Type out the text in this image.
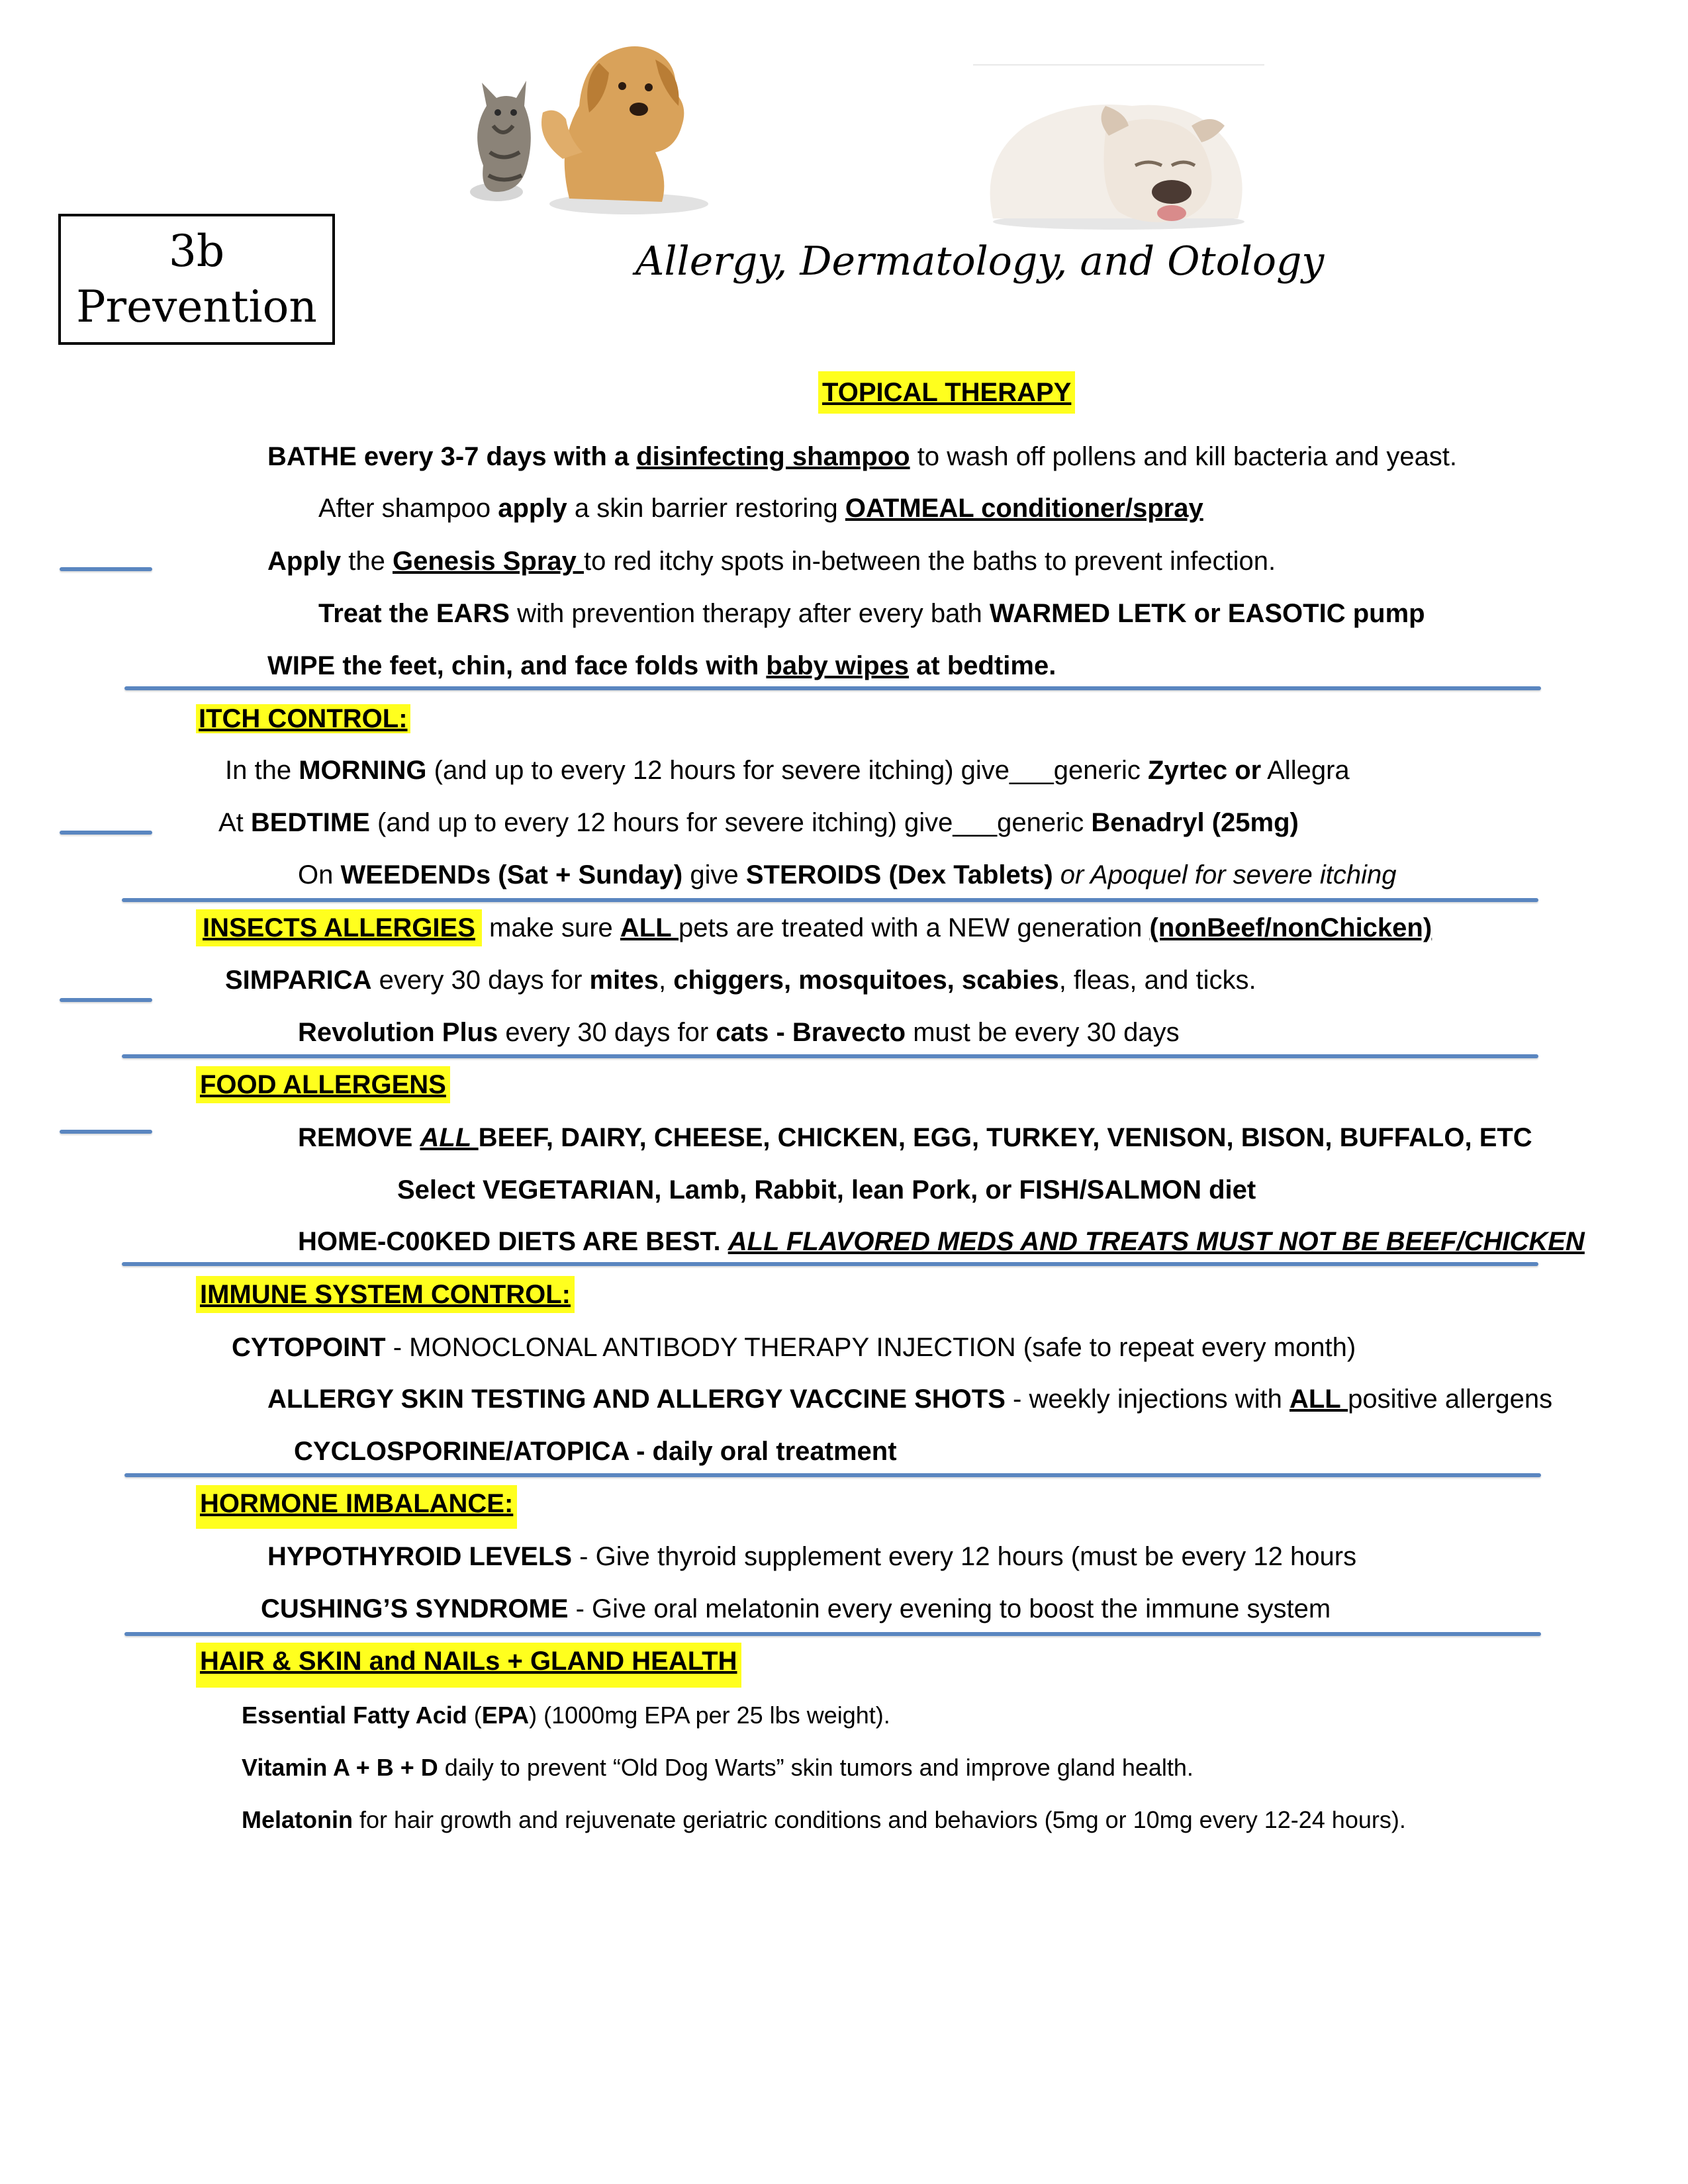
3b
Prevention
Allergy, Dermatology, and Otology
TOPICAL THERAPY
BATHE every 3-7 days with a disinfecting shampoo to wash off pollens and kill bacteria and yeast.
After shampoo apply a skin barrier restoring OATMEAL conditioner/spray
Apply the Genesis Spray to red itchy spots in-between the baths to prevent infection.
Treat the EARS with prevention therapy after every bath WARMED LETK or EASOTIC pump
WIPE the feet, chin, and face folds with baby wipes at bedtime.
ITCH CONTROL:
In the MORNING (and up to every 12 hours for severe itching) give___generic Zyrtec or Allegra
At BEDTIME (and up to every 12 hours for severe itching) give___generic Benadryl (25mg)
On WEEDENDs (Sat + Sunday) give STEROIDS (Dex Tablets) or Apoquel for severe itching
INSECTS ALLERGIES make sure ALL pets are treated with a NEW generation (nonBeef/nonChicken)
SIMPARICA every 30 days for mites, chiggers, mosquitoes, scabies, fleas, and ticks.
Revolution Plus every 30 days for cats - Bravecto must be every 30 days
FOOD ALLERGENS
REMOVE ALL BEEF, DAIRY, CHEESE, CHICKEN, EGG, TURKEY, VENISON, BISON, BUFFALO, ETC
Select VEGETARIAN, Lamb, Rabbit, lean Pork, or FISH/SALMON diet
HOME-C00KED DIETS ARE BEST. ALL FLAVORED MEDS AND TREATS MUST NOT BE BEEF/CHICKEN
IMMUNE SYSTEM CONTROL:
CYTOPOINT - MONOCLONAL ANTIBODY THERAPY INJECTION (safe to repeat every month)
ALLERGY SKIN TESTING AND ALLERGY VACCINE SHOTS - weekly injections with ALL positive allergens
CYCLOSPORINE/ATOPICA - daily oral treatment
HORMONE IMBALANCE:
HYPOTHYROID LEVELS - Give thyroid supplement every 12 hours (must be every 12 hours
CUSHING’S SYNDROME - Give oral melatonin every evening to boost the immune system
HAIR & SKIN and NAILs + GLAND HEALTH
Essential Fatty Acid (EPA) (1000mg EPA per 25 lbs weight).
Vitamin A + B + D daily to prevent “Old Dog Warts” skin tumors and improve gland health.
Melatonin for hair growth and rejuvenate geriatric conditions and behaviors (5mg or 10mg every 12-24 hours).
